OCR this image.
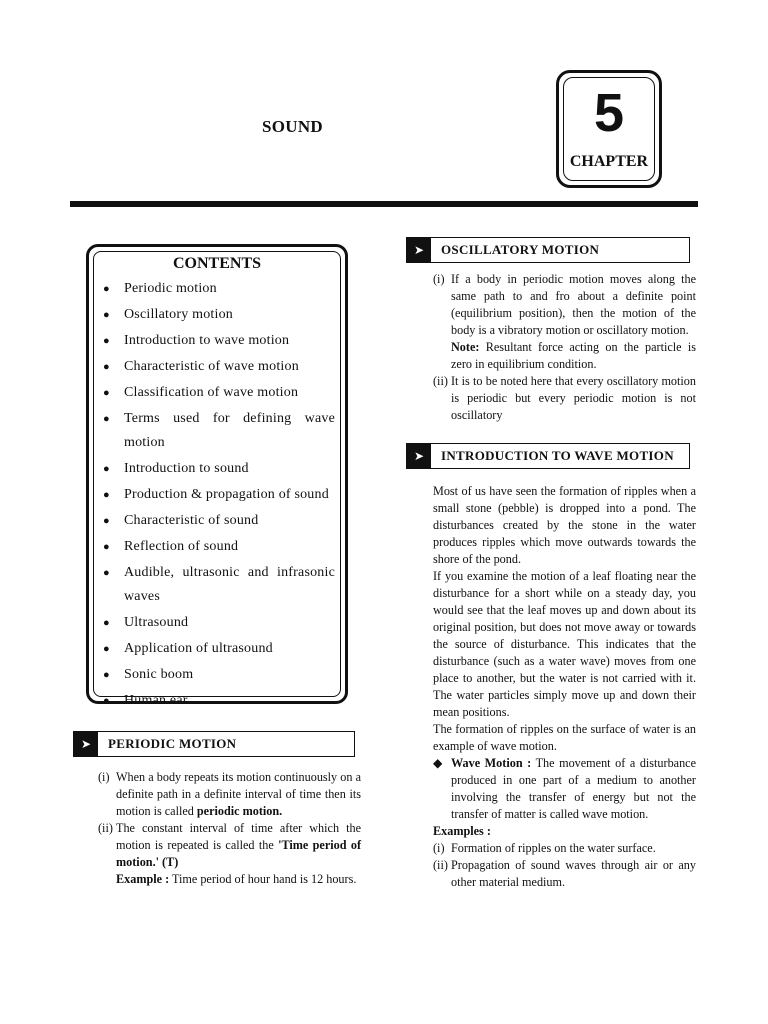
SOUND	5
CHAPTER
CONTENTS
● Periodic motion
● Oscillatory motion
● Introduction to wave motion
● Characteristic of wave motion
● Classification of wave motion
● Terms used for defining wave motion
● Introduction to sound
● Production & propagation of sound
● Characteristic of sound
● Reflection of sound
● Audible, ultrasonic and infrasonic waves
● Ultrasound
● Application of ultrasound
● Sonic boom
● Human ear
➤	PERIODIC MOTION
(i) When a body repeats its motion continuously on a definite path in a definite interval of time then its motion is called periodic motion.
(ii) The constant interval of time after which the motion is repeated is called the 'Time period of motion.' (T)
Example : Time period of hour hand is 12 hours.
➤	OSCILLATORY MOTION
(i) If a body in periodic motion moves along the same path to and fro about a definite point (equilibrium position), then the motion of the body is a vibratory motion or oscillatory motion.
Note: Resultant force acting on the particle is zero in equilibrium condition.
(ii) It is to be noted here that every oscillatory motion is periodic but every periodic motion is not oscillatory
➤	INTRODUCTION TO WAVE MOTION
Most of us have seen the formation of ripples when a small stone (pebble) is dropped into a pond. The disturbances created by the stone in the water produces ripples which move outwards towards the shore of the pond.
If you examine the motion of a leaf floating near the disturbance for a short while on a steady day, you would see that the leaf moves up and down about its original position, but does not move away or towards the source of disturbance. This indicates that the disturbance (such as a water wave) moves from one place to another, but the water is not carried with it. The water particles simply move up and down their mean positions.
The formation of ripples on the surface of water is an example of wave motion.
◆ Wave Motion : The movement of a disturbance produced in one part of a medium to another involving the transfer of energy but not the transfer of matter is called wave motion.
Examples :
(i) Formation of ripples on the water surface.
(ii) Propagation of sound waves through air or any other material medium.
